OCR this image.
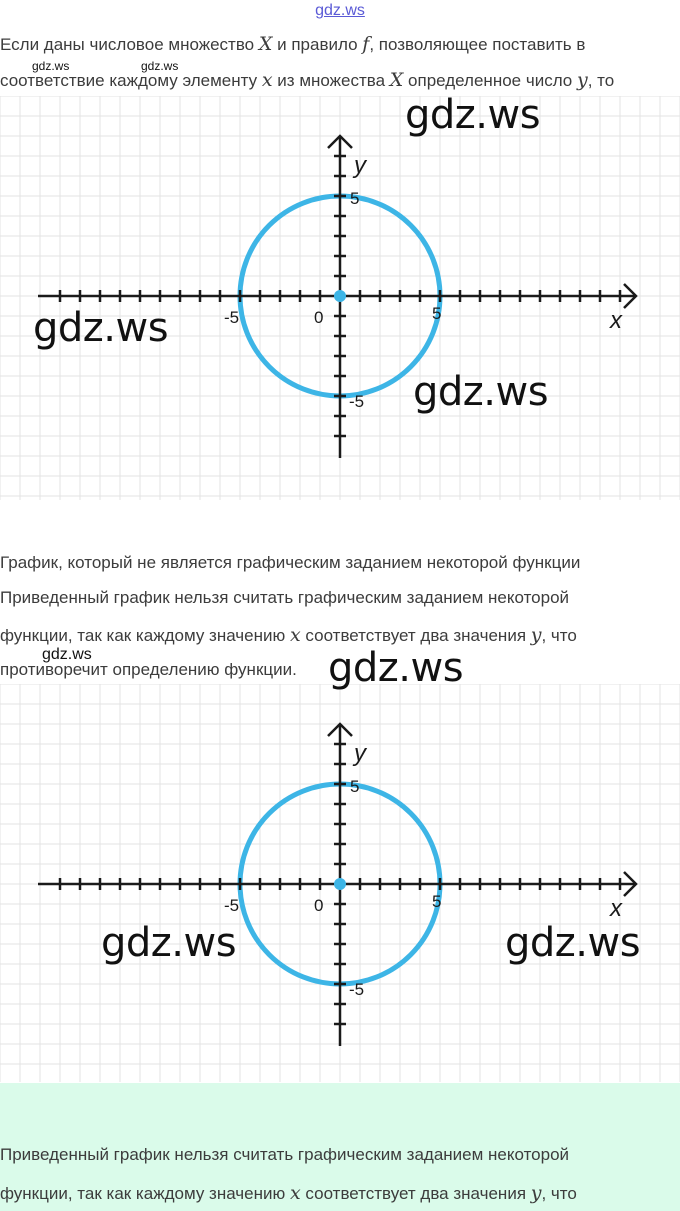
gdz.ws
Если даны числовое множество X и правило f, позволяющее поставить в
gdz.ws	gdz.ws
соответствие каждому элементу x из множества X определенное число y, то
x
y
0	5
-5
5
-5
gdz.ws
gdz.ws
gdz.ws
График, который не является графическим заданием некоторой функции
Приведенный график нельзя считать графическим заданием некоторой
функции, так как каждому значению x соответствует два значения y, что
gdz.ws
противоречит определению функции.
x
y
0	5
-5
5
-5
gdz.ws
gdz.ws	gdz.ws
Приведенный график нельзя считать графическим заданием некоторой
функции, так как каждому значению x соответствует два значения y, что
